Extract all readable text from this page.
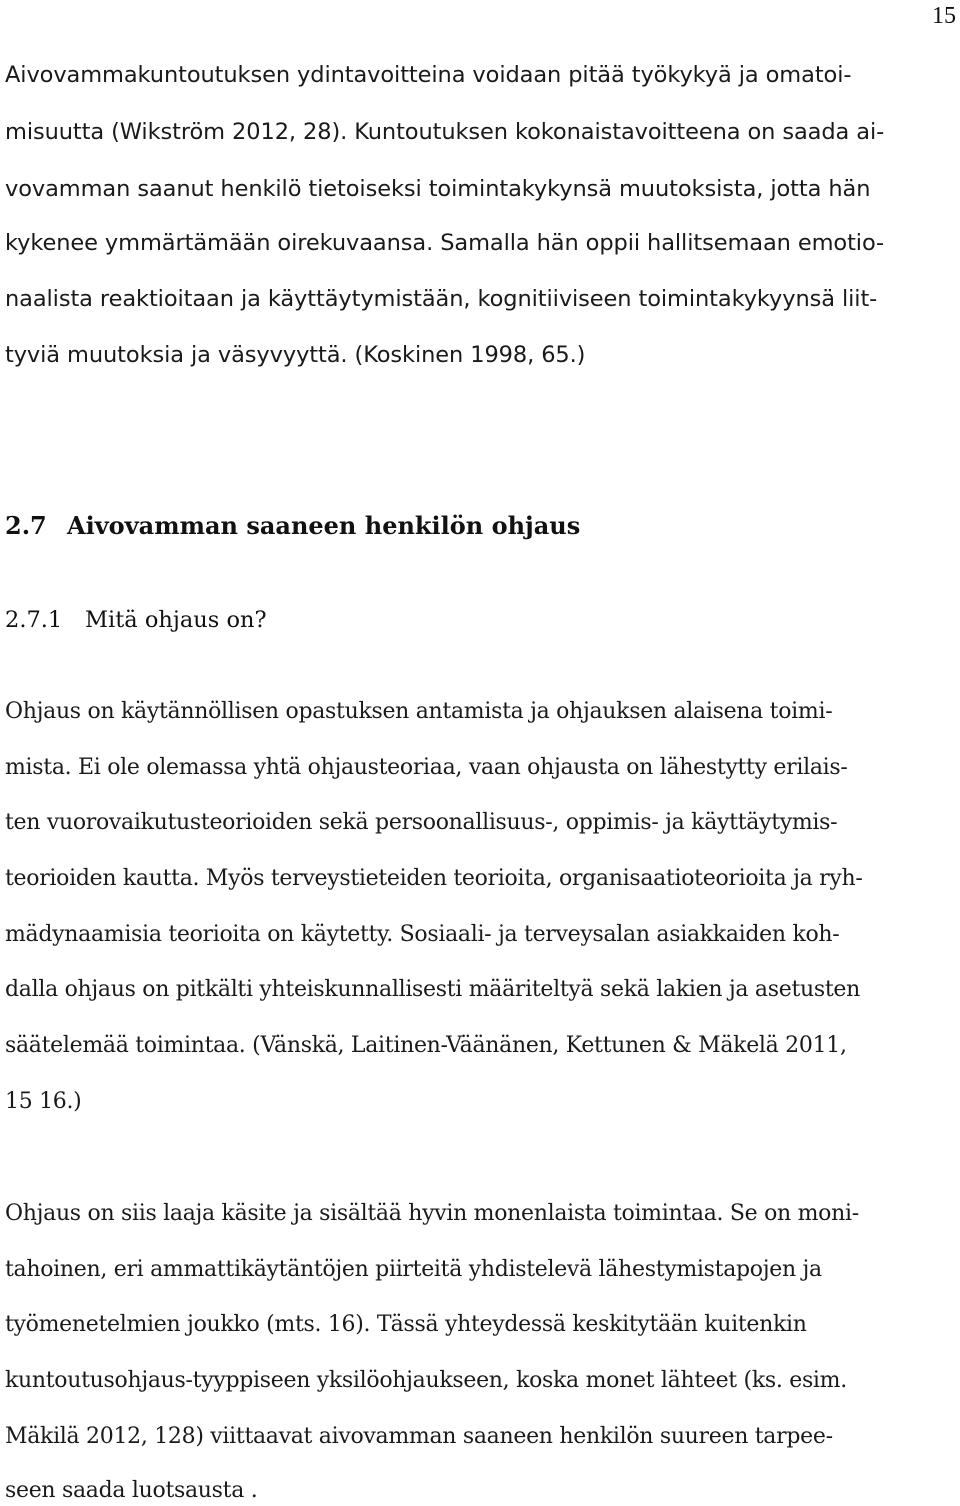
15
Aivovammakuntoutuksen ydintavoitteina voidaan pitää työkykyä ja omatoi-
misuutta (Wikström 2012, 28). Kuntoutuksen kokonaistavoitteena on saada ai-
vovamman saanut henkilö tietoiseksi toimintakykynsä muutoksista, jotta hän
kykenee ymmärtämään oirekuvaansa. Samalla hän oppii hallitsemaan emotio-
naalista reaktioitaan ja käyttäytymistään, kognitiiviseen toimintakykyynsä liit-
tyviä muutoksia ja väsyvyyttä. (Koskinen 1998, 65.)
2.7 Aivovamman saaneen henkilön ohjaus
2.7.1 Mitä ohjaus on?
Ohjaus on käytännöllisen opastuksen antamista ja ohjauksen alaisena toimi-
mista. Ei ole olemassa yhtä ohjausteoriaa, vaan ohjausta on lähestytty erilais-
ten vuorovaikutusteorioiden sekä persoonallisuus-, oppimis- ja käyttäytymis-
teorioiden kautta. Myös terveystieteiden teorioita, organisaatioteorioita ja ryh-
mädynaamisia teorioita on käytetty. Sosiaali- ja terveysalan asiakkaiden koh-
dalla ohjaus on pitkälti yhteiskunnallisesti määriteltyä sekä lakien ja asetusten
säätelemää toimintaa. (Vänskä, Laitinen-Väänänen, Kettunen & Mäkelä 2011,
15 16.)
Ohjaus on siis laaja käsite ja sisältää hyvin monenlaista toimintaa. Se on moni-
tahoinen, eri ammattikäytäntöjen piirteitä yhdistelevä lähestymistapojen ja
työmenetelmien joukko (mts. 16). Tässä yhteydessä keskitytään kuitenkin
kuntoutusohjaus-tyyppiseen yksilöohjaukseen, koska monet lähteet (ks. esim.
Mäkilä 2012, 128) viittaavat aivovamman saaneen henkilön suureen tarpee-
seen saada luotsausta .
